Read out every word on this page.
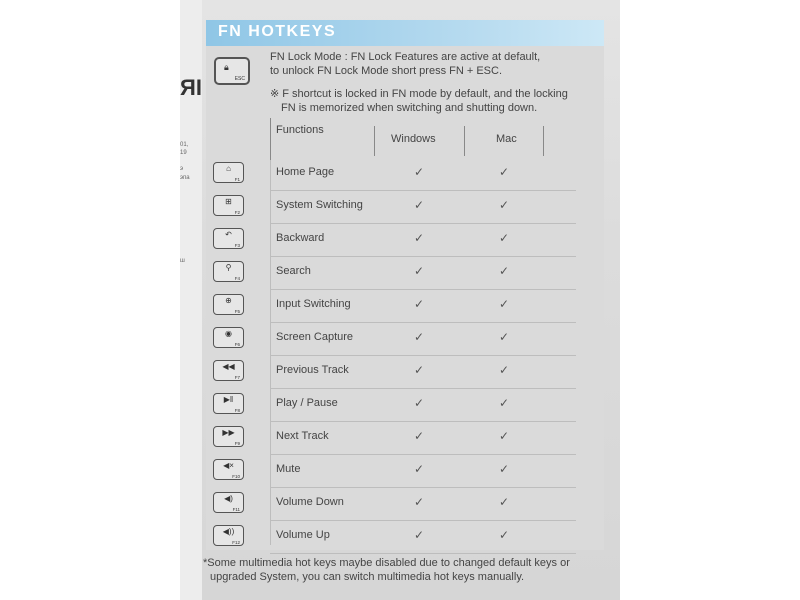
ЯІ
01,
19
э
эпа
ш
FN HOTKEYS
🔒︎
ESC
FN Lock Mode : FN Lock Features are active at default,
to unlock FN Lock Mode short press FN + ESC.
※ F shortcut is locked in FN mode by default, and the locking
FN is memorized when switching and shutting down.
Functions
Windows	Mac
⌂
F1
Home Page	✓	✓
⊞
F2
System Switching	✓	✓
↶
F3
Backward	✓	✓
⚲
F4
Search	✓	✓
⊕
F5
Input Switching	✓	✓
◉
F6
Screen Capture	✓	✓
◀◀
F7
Previous Track	✓	✓
▶‖
F8
Play / Pause	✓	✓
▶▶
F9
Next Track	✓	✓
◀×
F10
Mute	✓	✓
◀)
F11
Volume Down	✓	✓
◀))
F12
Volume Up	✓	✓
*Some multimedia hot keys maybe disabled due to changed default keys or
upgraded System, you can switch multimedia hot keys manually.
